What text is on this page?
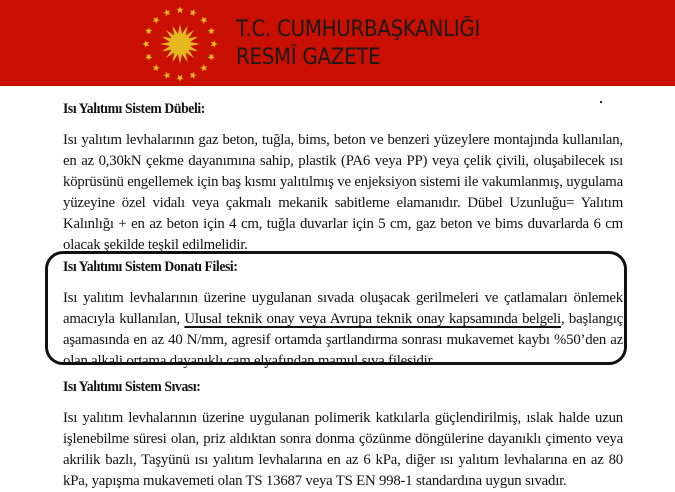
T.C. CUMHURBAŞKANLIĞI
RESMÎ GAZETE

Isı Yalıtımı Sistem Dübeli:

Isı yalıtım levhalarının gaz beton, tuğla, bims, beton ve benzeri yüzeylere montajında kullanılan, en az 0,30kN çekme dayanımına sahip, plastik (PA6 veya PP) veya çelik çivili, oluşabilecek ısı köprüsünü engellemek için baş kısmı yalıtılmış ve enjeksiyon sistemi ile vakumlanmış, uygulama yüzeyine özel vidalı veya çakmalı mekanik sabitleme elamanıdır. Dübel Uzunluğu= Yalıtım Kalınlığı + en az beton için 4 cm, tuğla duvarlar için 5 cm, gaz beton ve bims duvarlarda 6 cm olacak şekilde teşkil edilmelidir.

Isı Yalıtımı Sistem Donatı Filesi:

Isı yalıtım levhalarının üzerine uygulanan sıvada oluşacak gerilmeleri ve çatlamaları önlemek amacıyla kullanılan, Ulusal teknik onay veya Avrupa teknik onay kapsamında belgeli, başlangıç aşamasında en az 40 N/mm, agresif ortamda şartlandırma sonrası mukavemet kaybı %50’den az olan alkali ortama dayanıklı cam elyafından mamul sıva filesidir.

Isı Yalıtımı Sistem Sıvası:

Isı yalıtım levhalarının üzerine uygulanan polimerik katkılarla güçlendirilmiş, ıslak halde uzun işlenebilme süresi olan, priz aldıktan sonra donma çözünme döngülerine dayanıklı çimento veya akrilik bazlı, Taşyünü ısı yalıtım levhalarına en az 6 kPa, diğer ısı yalıtım levhalarına en az 80 kPa, yapışma mukavemeti olan TS 13687 veya TS EN 998-1 standardına uygun sıvadır.
